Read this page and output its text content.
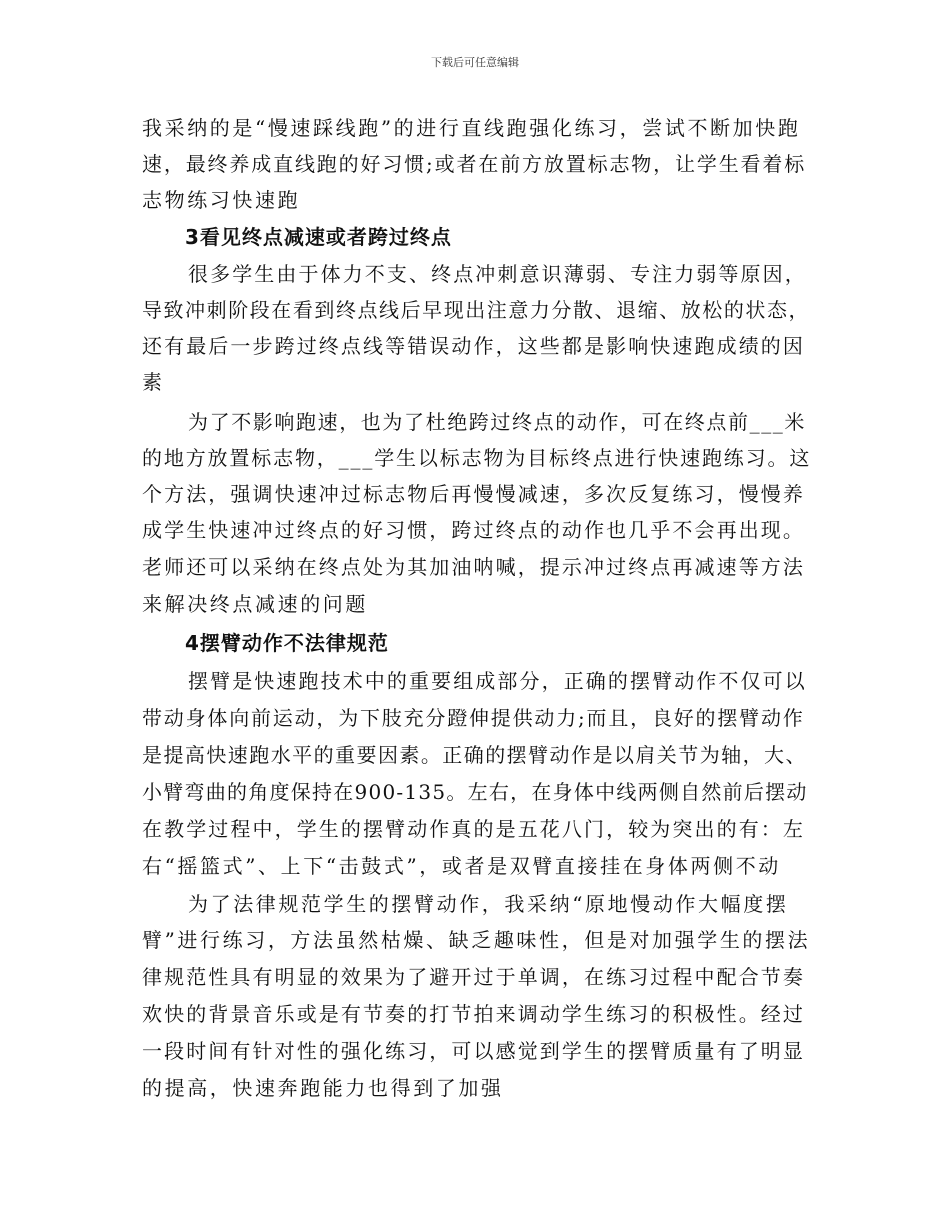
下载后可任意编辑
我采纳的是“慢速踩线跑”的进行直线跑强化练习，尝试不断加快跑
速，最终养成直线跑的好习惯;或者在前方放置标志物，让学生看着标
志物练习快速跑
3看见终点减速或者跨过终点
很多学生由于体力不支、终点冲刺意识薄弱、专注力弱等原因，
导致冲刺阶段在看到终点线后早现出注意力分散、退缩、放松的状态，
还有最后一步跨过终点线等错误动作，这些都是影响快速跑成绩的因
素
为了不影响跑速，也为了杜绝跨过终点的动作，可在终点前___米
的地方放置标志物，___学生以标志物为目标终点进行快速跑练习。这
个方法，强调快速冲过标志物后再慢慢减速，多次反复练习，慢慢养
成学生快速冲过终点的好习惯，跨过终点的动作也几乎不会再出现。
老师还可以采纳在终点处为其加油呐喊，提示冲过终点再减速等方法
来解决终点减速的问题
4摆臂动作不法律规范
摆臂是快速跑技术中的重要组成部分，正确的摆臂动作不仅可以
带动身体向前运动，为下肢充分蹬伸提供动力;而且，良好的摆臂动作
是提高快速跑水平的重要因素。正确的摆臂动作是以肩关节为轴，大、
小臂弯曲的角度保持在900-135。左右，在身体中线两侧自然前后摆动
在教学过程中，学生的摆臂动作真的是五花八门，较为突出的有：左
右“摇篮式”、上下“击鼓式”，或者是双臂直接挂在身体两侧不动
为了法律规范学生的摆臂动作，我采纳“原地慢动作大幅度摆
臂”进行练习，方法虽然枯燥、缺乏趣味性，但是对加强学生的摆法
律规范性具有明显的效果为了避开过于单调，在练习过程中配合节奏
欢快的背景音乐或是有节奏的打节拍来调动学生练习的积极性。经过
一段时间有针对性的强化练习，可以感觉到学生的摆臂质量有了明显
的提高，快速奔跑能力也得到了加强
